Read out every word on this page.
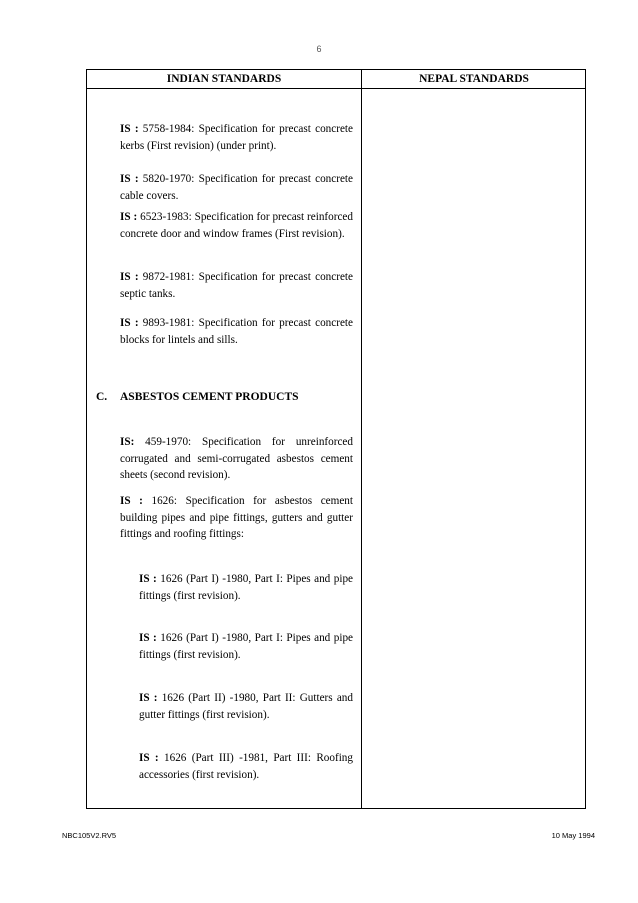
6
INDIAN STANDARDS	NEPAL STANDARDS
IS : 5758-1984: Specification for precast concrete kerbs (First revision) (under print).
IS : 5820-1970: Specification for precast concrete cable covers.
IS : 6523-1983: Specification for precast reinforced concrete door and window frames (First revision).
IS : 9872-1981: Specification for precast concrete septic tanks.
IS : 9893-1981: Specification for precast concrete blocks for lintels and sills.
C. ASBESTOS CEMENT PRODUCTS
IS: 459-1970: Specification for unreinforced corrugated and semi-corrugated asbestos cement sheets (second revision).
IS : 1626: Specification for asbestos cement building pipes and pipe fittings, gutters and gutter fittings and roofing fittings:
IS : 1626 (Part I) -1980, Part I: Pipes and pipe fittings (first revision).
IS : 1626 (Part I) -1980, Part I: Pipes and pipe fittings (first revision).
IS : 1626 (Part II) -1980, Part II: Gutters and gutter fittings (first revision).
IS : 1626 (Part III) -1981, Part III: Roofing accessories (first revision).
NBC105V2.RV5	10 May 1994
